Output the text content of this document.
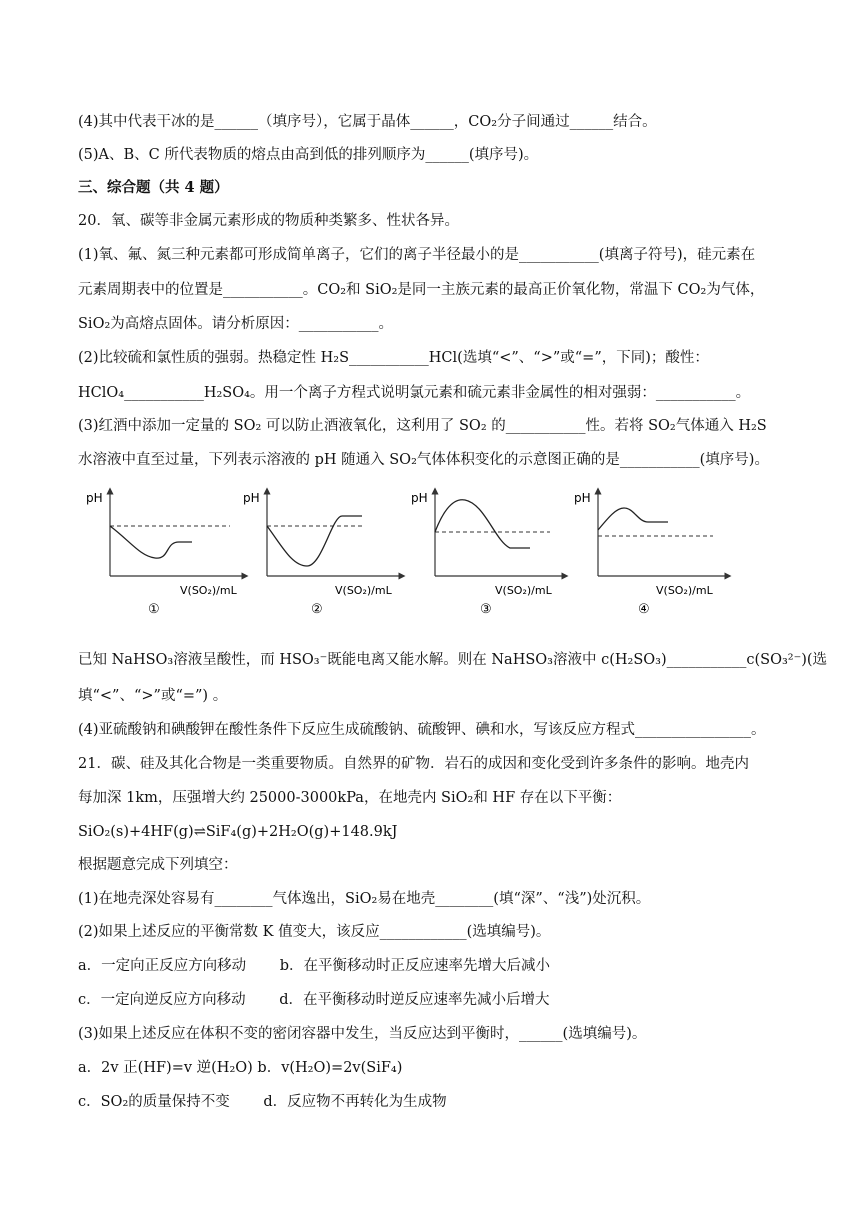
(4)其中代表干冰的是______（填序号），它属于晶体______，CO₂分子间通过______结合。
(5)A、B、C 所代表物质的熔点由高到低的排列顺序为______(填序号)。
三、综合题（共 4 题）
20．氧、碳等非金属元素形成的物质种类繁多、性状各异。
(1)氧、氟、氮三种元素都可形成简单离子，它们的离子半径最小的是___________(填离子符号)，硅元素在
元素周期表中的位置是___________。CO₂和 SiO₂是同一主族元素的最高正价氧化物，常温下 CO₂为气体，
SiO₂为高熔点固体。请分析原因：___________。
(2)比较硫和氯性质的强弱。热稳定性 H₂S___________HCl(选填“<”、“>”或“=”，下同)；酸性：
HClO₄___________H₂SO₄。用一个离子方程式说明氯元素和硫元素非金属性的相对强弱：___________。
(3)红酒中添加一定量的 SO₂ 可以防止酒液氧化，这利用了 SO₂ 的___________性。若将 SO₂气体通入 H₂S
水溶液中直至过量，下列表示溶液的 pH 随通入 SO₂气体体积变化的示意图正确的是___________(填序号)。
pH
V(SO₂)/mL
①
pH
V(SO₂)/mL
②
pH
V(SO₂)/mL
③
pH
V(SO₂)/mL
④
已知 NaHSO₃溶液呈酸性，而 HSO₃⁻既能电离又能水解。则在 NaHSO₃溶液中 c(H₂SO₃)___________c(SO₃²⁻)(选
填“<”、“>”或“=”) 。
(4)亚硫酸钠和碘酸钾在酸性条件下反应生成硫酸钠、硫酸钾、碘和水，写该反应方程式________________。
21．碳、硅及其化合物是一类重要物质。自然界的矿物．岩石的成因和变化受到许多条件的影响。地壳内
每加深 1km，压强增大约 25000-3000kPa，在地壳内 SiO₂和 HF 存在以下平衡：
SiO₂(s)+4HF(g)⇌SiF₄(g)+2H₂O(g)+148.9kJ
根据题意完成下列填空：
(1)在地壳深处容易有________气体逸出，SiO₂易在地壳________(填“深”、“浅”)处沉积。
(2)如果上述反应的平衡常数 K 值变大，该反应____________(选填编号)。
a．一定向正反应方向移动　　 b．在平衡移动时正反应速率先增大后减小
c．一定向逆反应方向移动　　 d．在平衡移动时逆反应速率先减小后增大
(3)如果上述反应在体积不变的密闭容器中发生，当反应达到平衡时，______(选填编号)。
a．2v 正(HF)=v 逆(H₂O) b．v(H₂O)=2v(SiF₄)
c．SO₂的质量保持不变　　 d．反应物不再转化为生成物
